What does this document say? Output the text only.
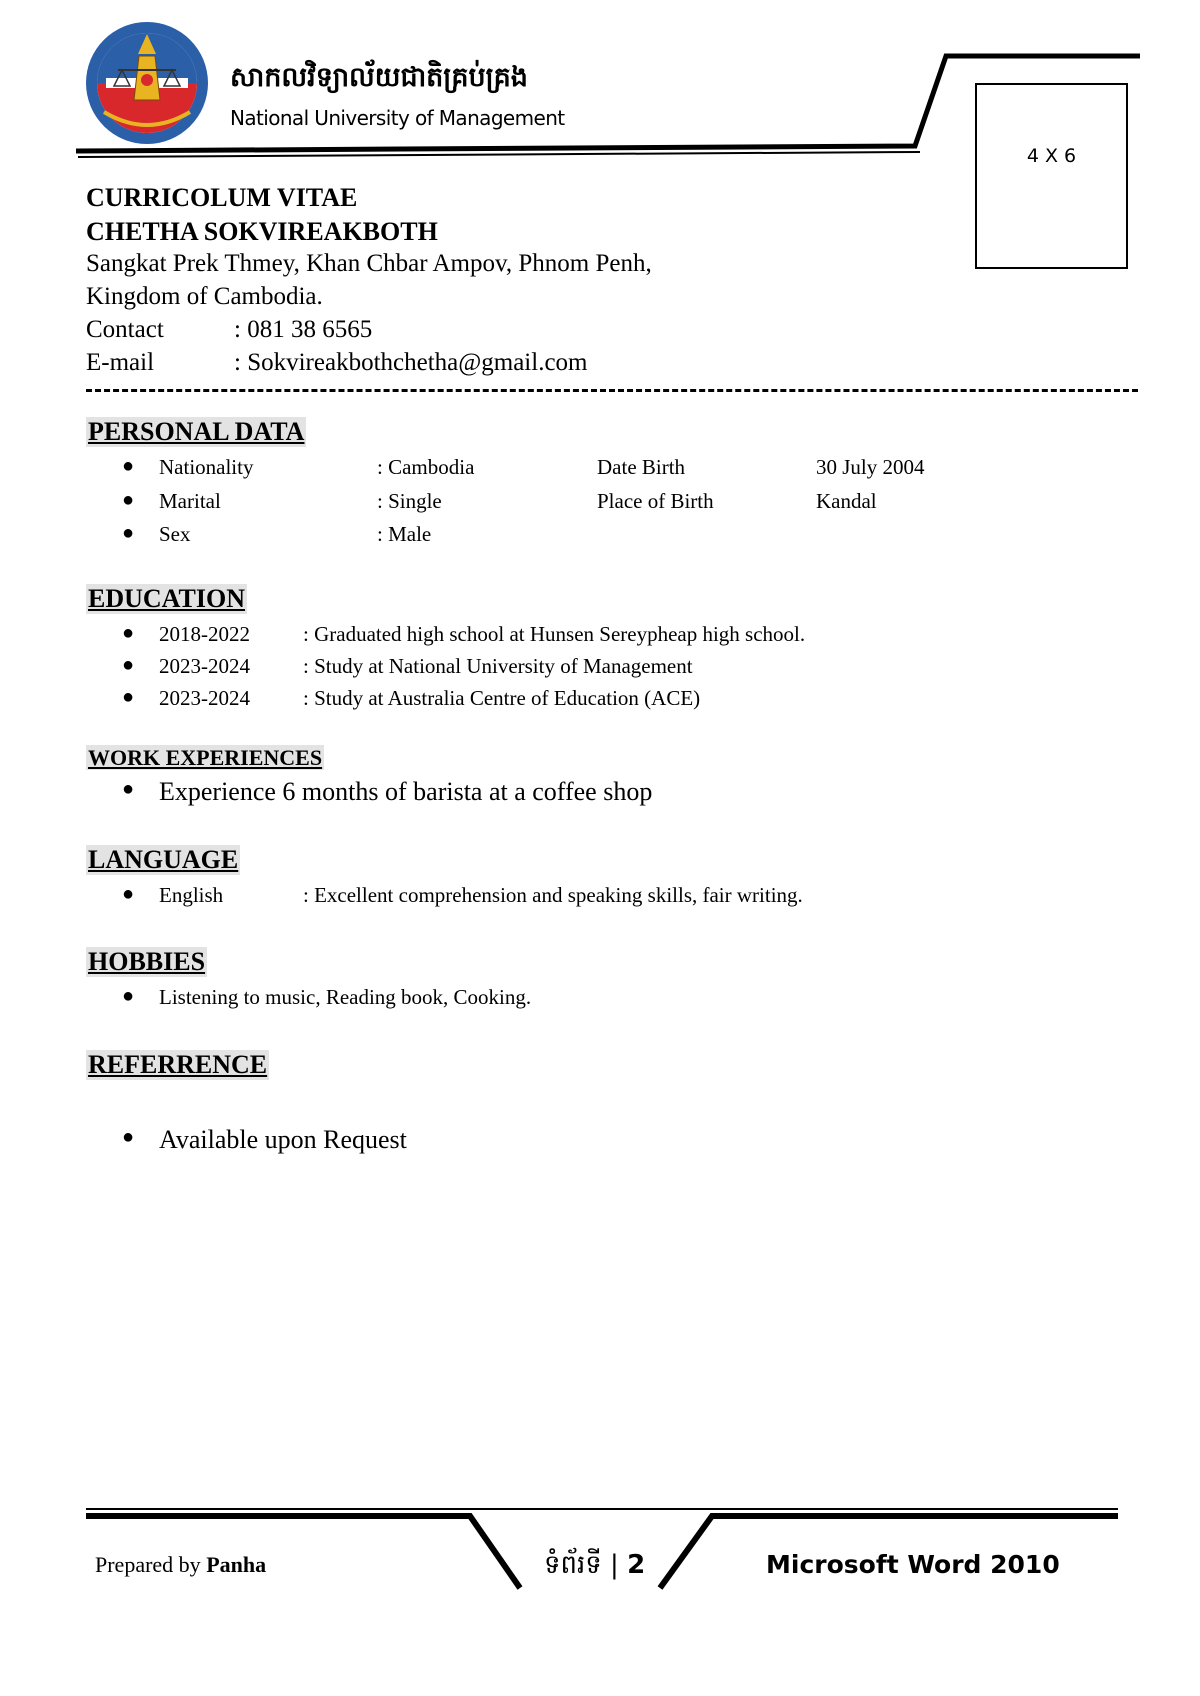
សាកលវិទ្យាល័យជាតិគ្រប់គ្រង
National University of Management
4 X 6
CURRICOLUM VITAE
CHETHA SOKVIREAKBOTH
Sangkat Prek Thmey, Khan Chbar Ampov, Phnom Penh,
Kingdom of Cambodia.
Contact	: 081 38 6565
E-mail	: Sokvireakbothchetha@gmail.com
PERSONAL DATA
● Nationality	: Cambodia	Date Birth	30 July 2004
● Marital	: Single	Place of Birth	Kandal
● Sex	: Male
EDUCATION
● 2018-2022	: Graduated high school at Hunsen Sereypheap high school.
● 2023-2024	: Study at National University of Management
● 2023-2024	: Study at Australia Centre of Education (ACE)
WORK EXPERIENCES
● Experience 6 months of barista at a coffee shop
LANGUAGE
● English	: Excellent comprehension and speaking skills, fair writing.
HOBBIES
● Listening to music, Reading book, Cooking.
REFERRENCE
● Available upon Request
Prepared by Panha	ទំព័រទី | 2	Microsoft Word 2010
